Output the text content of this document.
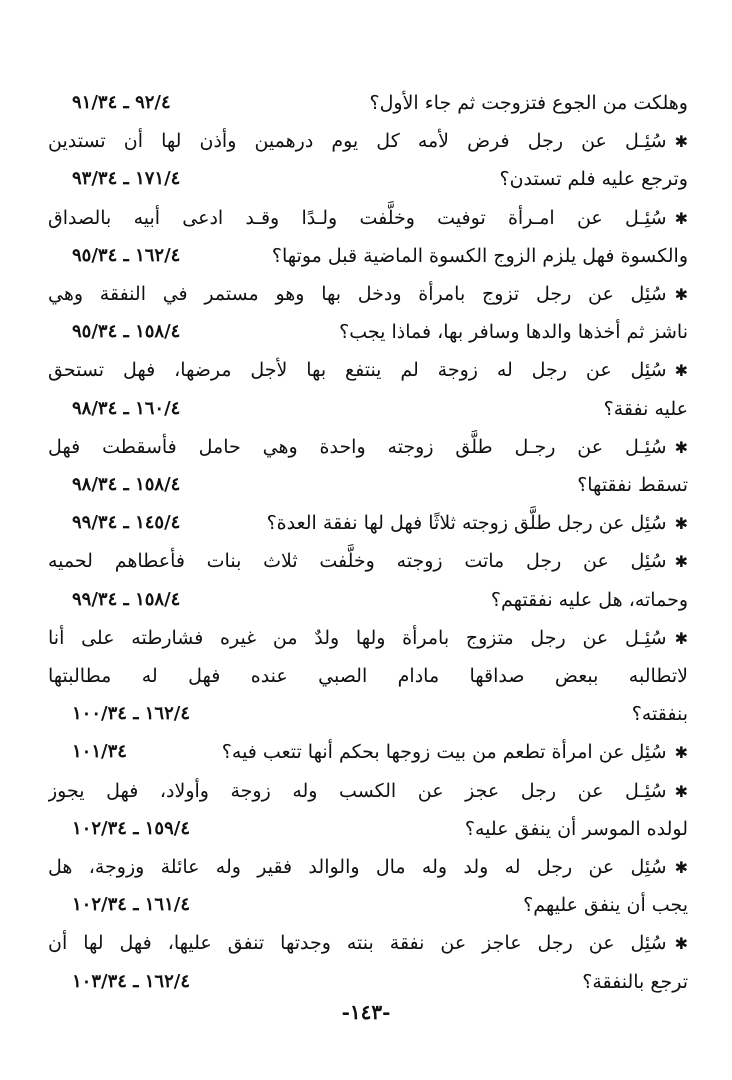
وهلكت من الجوع فتزوجت ثم جاء الأول؟
٩٢/٤ ـ ٩١/٣٤
✱سُئِـل عن رجل فرض لأمه كل يوم درهمين وأذن لها أن تستدين
وترجع عليه فلم تستدن؟
١٧١/٤ ـ ٩٣/٣٤
✱سُئِـل عن امـرأة توفيت وخلَّفت ولـدًا وقـد ادعى أبيه بالصداق
والكسوة فهل يلزم الزوج الكسوة الماضية قبل موتها؟
١٦٢/٤ ـ ٩٥/٣٤
✱سُئِل عن رجل تزوج بامرأة ودخل بها وهو مستمر في النفقة وهي
ناشز ثم أخذها والدها وسافر بها، فماذا يجب؟
١٥٨/٤ ـ ٩٥/٣٤
✱سُئِل عن رجل له زوجة لم ينتفع بها لأجل مرضها، فهل تستحق
عليه نفقة؟
١٦٠/٤ ـ ٩٨/٣٤
✱سُئِـل عن رجـل طلَّق زوجته واحدة وهي حامل فأسقطت فهل
تسقط نفقتها؟
١٥٨/٤ ـ ٩٨/٣٤
✱سُئِل عن رجل طلَّق زوجته ثلاثًا فهل لها نفقة العدة؟
١٤٥/٤ ـ ٩٩/٣٤
✱سُئِل عن رجل ماتت زوجته وخلَّفت ثلاث بنات فأعطاهم لحميه
وحماته، هل عليه نفقتهم؟
١٥٨/٤ ـ ٩٩/٣٤
✱سُئِـل عن رجل متزوج بامرأة ولها ولدٌ من غيره فشارطته على أنا
لاتطالبه ببعض صداقها مادام الصبي عنده فهل له مطالبتها
بنفقته؟
١٦٢/٤ ـ ١٠٠/٣٤
✱سُئِل عن امرأة تطعم من بيت زوجها بحكم أنها تتعب فيه؟
١٠١/٣٤
✱سُئِـل عن رجل عجز عن الكسب وله زوجة وأولاد، فهل يجوز
لولده الموسر أن ينفق عليه؟
١٥٩/٤ ـ ١٠٢/٣٤
✱سُئِل عن رجل له ولد وله مال والوالد فقير وله عائلة وزوجة، هل
يجب أن ينفق عليهم؟
١٦١/٤ ـ ١٠٢/٣٤
✱سُئِل عن رجل عاجز عن نفقة بنته وجدتها تنفق عليها، فهل لها أن
ترجع بالنفقة؟
١٦٢/٤ ـ ١٠٣/٣٤
-١٤٣-
